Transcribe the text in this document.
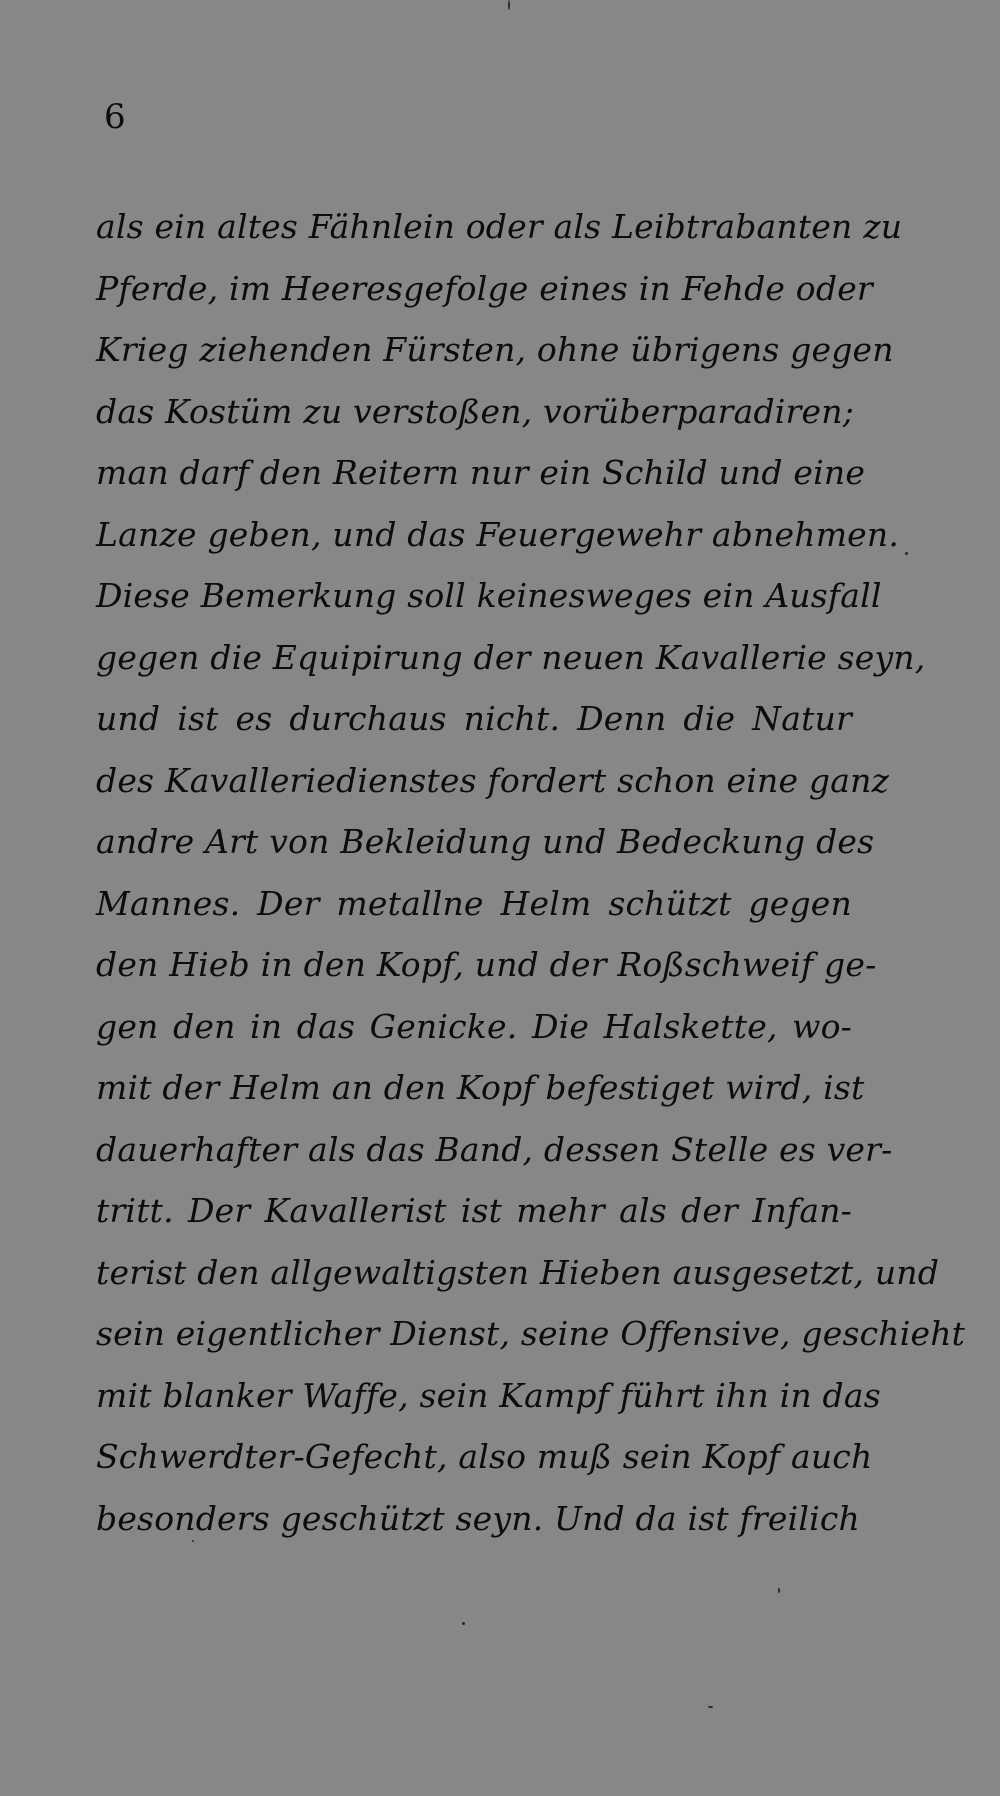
6
als ein altes Fähnlein oder als Leibtrabanten zu
Pferde, im Heeresgefolge eines in Fehde oder
Krieg ziehenden Fürsten, ohne übrigens gegen
das Kostüm zu verstoßen, vorüberparadiren;
man darf den Reitern nur ein Schild und eine
Lanze geben, und das Feuergewehr abnehmen.
Diese Bemerkung soll keinesweges ein Ausfall
gegen die Equipirung der neuen Kavallerie seyn,
und ist es durchaus nicht. Denn die Natur
des Kavalleriedienstes fordert schon eine ganz
andre Art von Bekleidung und Bedeckung des
Mannes. Der metallne Helm schützt gegen
den Hieb in den Kopf, und der Roßschweif ge-
gen den in das Genicke. Die Halskette, wo-
mit der Helm an den Kopf befestiget wird, ist
dauerhafter als das Band, dessen Stelle es ver-
tritt. Der Kavallerist ist mehr als der Infan-
terist den allgewaltigsten Hieben ausgesetzt, und
sein eigentlicher Dienst, seine Offensive, geschieht
mit blanker Waffe, sein Kampf führt ihn in das
Schwerdter-Gefecht, also muß sein Kopf auch
besonders geschützt seyn. Und da ist freilich
